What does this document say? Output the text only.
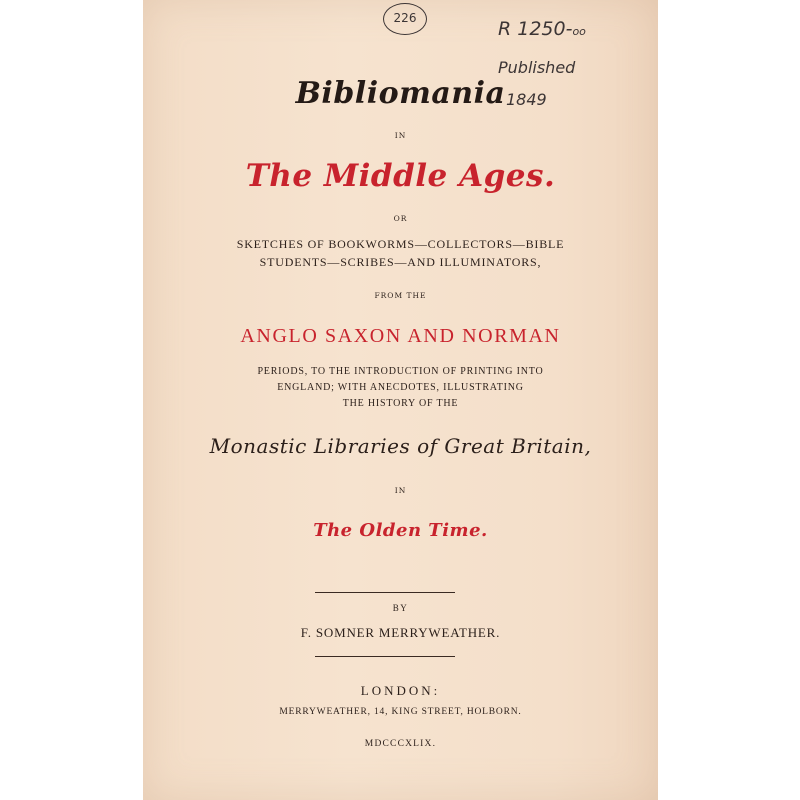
226	R 1250-oo
Published
1849
Bibliomania
IN
The Middle Ages.
OR
SKETCHES OF BOOKWORMS—COLLECTORS—BIBLE
STUDENTS—SCRIBES—AND ILLUMINATORS,
FROM THE
ANGLO SAXON AND NORMAN
PERIODS, TO THE INTRODUCTION OF PRINTING INTO
ENGLAND; WITH ANECDOTES, ILLUSTRATING
THE HISTORY OF THE
Monastic Libraries of Great Britain,
IN
The Olden Time.
BY
F. SOMNER MERRYWEATHER.
LONDON:
MERRYWEATHER, 14, KING STREET, HOLBORN.
MDCCCXLIX.
